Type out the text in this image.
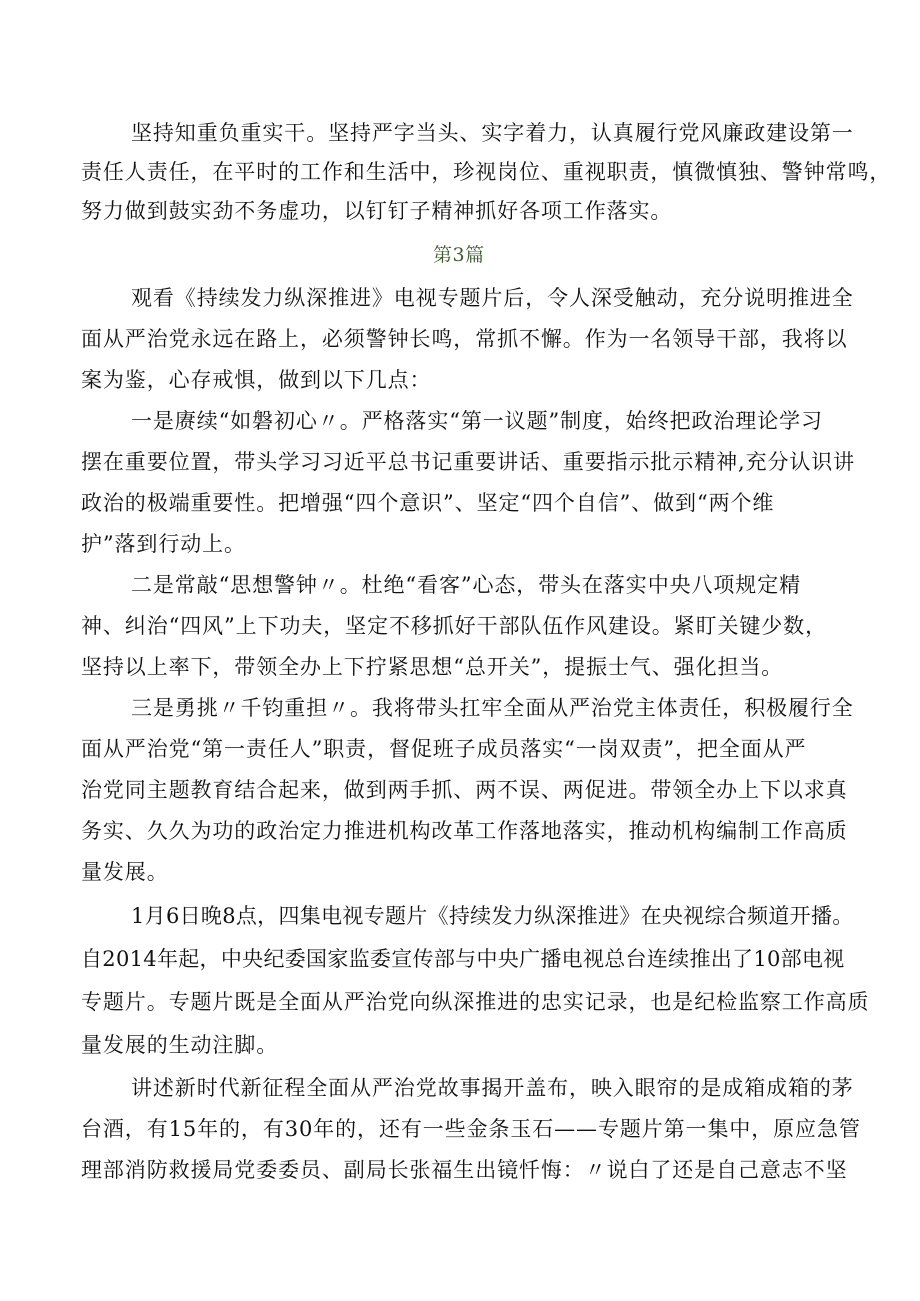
坚持知重负重实干。坚持严字当头、实字着力，认真履行党风廉政建设第一
责任人责任，在平时的工作和生活中，珍视岗位、重视职责，慎微慎独、警钟常鸣，
努力做到鼓实劲不务虚功，以钉钉子精神抓好各项工作落实。
第3篇
观看《持续发力纵深推进》电视专题片后，令人深受触动，充分说明推进全
面从严治党永远在路上，必须警钟长鸣，常抓不懈。作为一名领导干部，我将以
案为鉴，心存戒惧，做到以下几点：
一是赓续“如磐初心〃。严格落实“第一议题”制度，始终把政治理论学习
摆在重要位置，带头学习习近平总书记重要讲话、重要指示批示精神,充分认识讲
政治的极端重要性。把增强“四个意识”、坚定“四个自信”、做到“两个维
护”落到行动上。
二是常敲“思想警钟〃。杜绝“看客”心态，带头在落实中央八项规定精
神、纠治“四风”上下功夫，坚定不移抓好干部队伍作风建设。紧盯关键少数，
坚持以上率下，带领全办上下拧紧思想“总开关”，提振士气、强化担当。
三是勇挑〃千钧重担〃。我将带头扛牢全面从严治党主体责任，积极履行全
面从严治党“第一责任人”职责，督促班子成员落实“一岗双责”，把全面从严
治党同主题教育结合起来，做到两手抓、两不误、两促进。带领全办上下以求真
务实、久久为功的政治定力推进机构改革工作落地落实，推动机构编制工作高质
量发展。
1月6日晚8点，四集电视专题片《持续发力纵深推进》在央视综合频道开播。
自2014年起，中央纪委国家监委宣传部与中央广播电视总台连续推出了10部电视
专题片。专题片既是全面从严治党向纵深推进的忠实记录，也是纪检监察工作高质
量发展的生动注脚。
讲述新时代新征程全面从严治党故事揭开盖布，映入眼帘的是成箱成箱的茅
台酒，有15年的，有30年的，还有一些金条玉石——专题片第一集中，原应急管
理部消防救援局党委委员、副局长张福生出镜忏悔：〃说白了还是自己意志不坚
